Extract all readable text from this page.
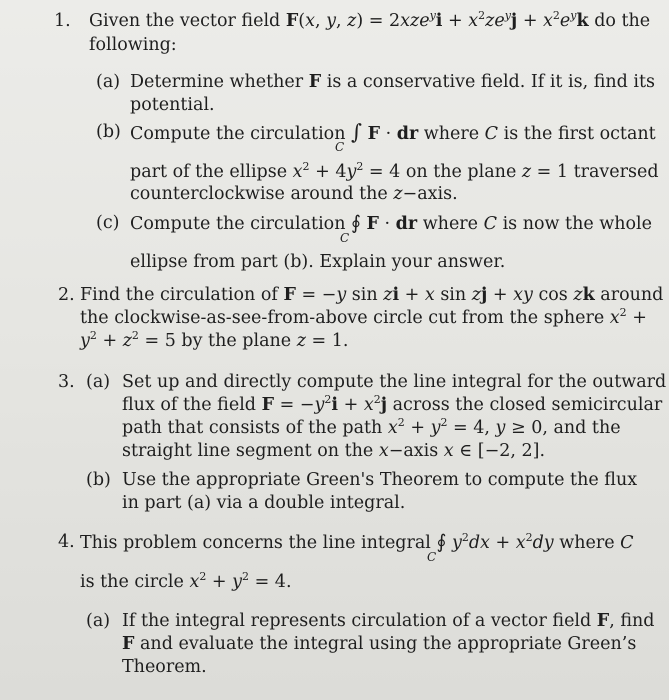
1. Given the vector field F(x, y, $z) = 2xze^yi + x^2ze^yj + x^2e^yk$ do the
following:
(a) Determine whether F is a conservative field. If it is, find its
potential.
(b) Compute the circulation ∫ F · dr where C is the first octant
C
part of the ellipse $x^2 + 4y^2 = 4$ on the plane z = 1 traversed
counterclockwise around the z−axis.
(c) Compute the circulation ∮ F · dr where C is now the whole
C
ellipse from part (b). Explain your answer.
2. Find the circulation of F = −y sin zi + x sin zj + xy cos zk around
the clockwise-as-see-from-above circle cut from the sphere $x^2$ +
$y^2 + z^2 = 5$ by the plane z = 1.
3. (a) Set up and directly compute the line integral for the outward
flux of the field $F = -y^2i + x^2j$ across the closed semicircular
path that consists of the path $x^2 + y^2 = 4$, y ≥ 0, and the
straight line segment on the x−axis x ∈ [−2, 2].
(b) Use the appropriate Green's Theorem to compute the flux
in part (a) via a double integral.
4. This problem concerns the line integral ∮ $y^2dx + x^2dy$ where C
C
is the circle $x^2 + y^2 = 4$.
(a) If the integral represents circulation of a vector field F, find
F and evaluate the integral using the appropriate Green’s
Theorem.
